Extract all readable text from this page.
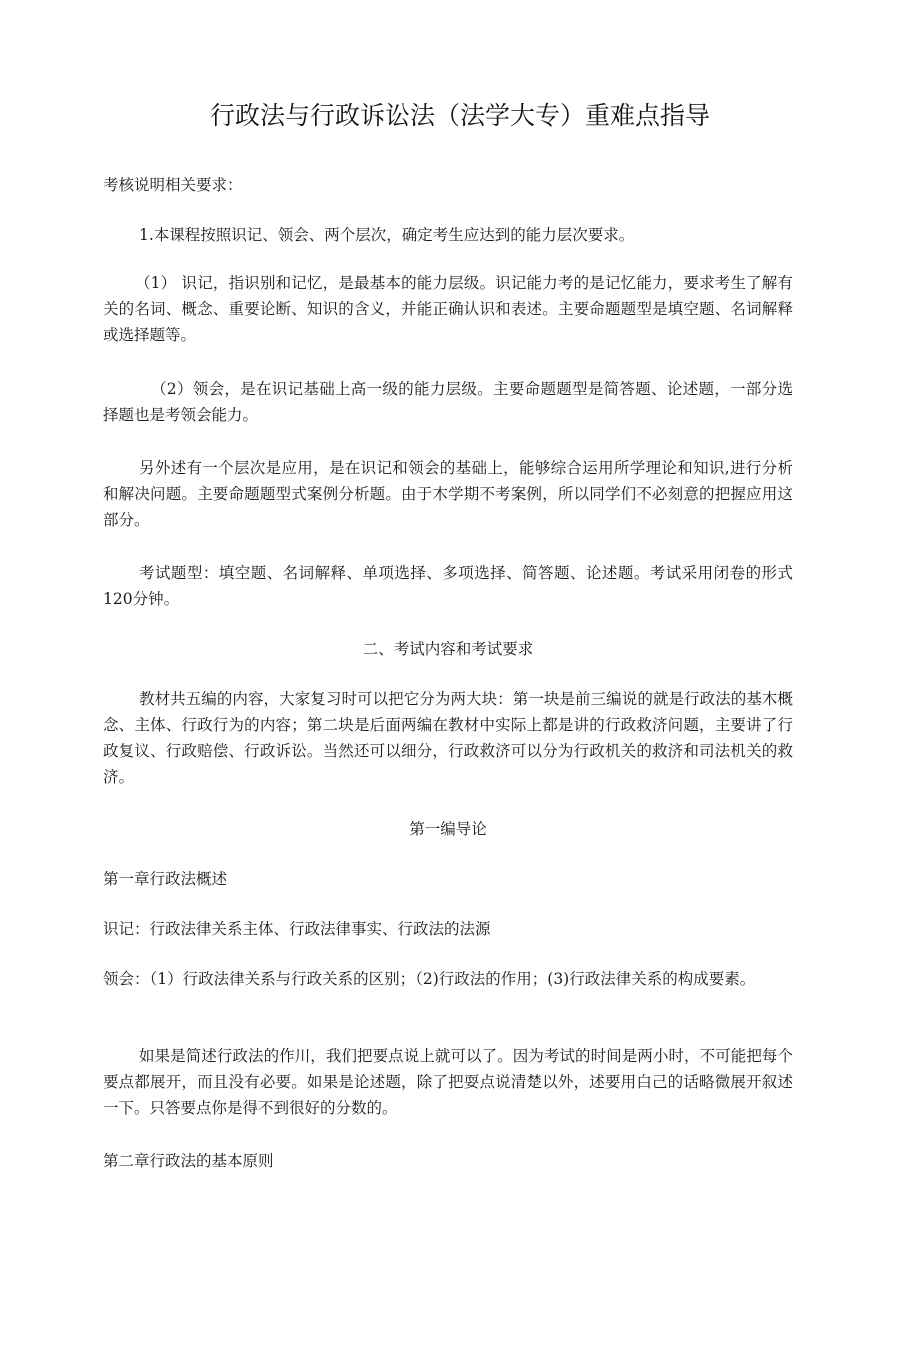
行政法与行政诉讼法（法学大专）重难点指导

考核说明相关要求：

1.本课程按照识记、领会、两个层次，确定考生应达到的能力层次要求。

（1） 识记，指识别和记忆，是最基本的能力层级。识记能力考的是记忆能力，要求考生了解有关的名词、概念、重要论断、知识的含义，并能正确认识和表述。主要命题题型是填空题、名词解释或选择题等。

（2）领会，是在识记基础上高一级的能力层级。主要命题题型是简答题、论述题，一部分选择题也是考领会能力。

另外述有一个层次是应用，是在识记和领会的基础上，能够综合运用所学理论和知识,进行分析和解决问题。主要命题题型式案例分析题。由于木学期不考案例，所以同学们不必刻意的把握应用这部分。

考试题型：填空题、名词解释、单项选择、多项选择、简答题、论述题。考试采用闭卷的形式120分钟。

二、考试内容和考试要求

教材共五编的内容，大家复习时可以把它分为两大块：第一块是前三编说的就是行政法的基木概念、主体、行政行为的内容；第二块是后面两编在教材中实际上都是讲的行政救济问题，主要讲了行政复议、行政赔偿、行政诉讼。当然还可以细分，行政救济可以分为行政机关的救济和司法机关的救济。

第一编导论

第一章行政法概述

识记：行政法律关系主体、行政法律事实、行政法的法源

领会：（1）行政法律关系与行政关系的区别；（2)行政法的作用；(3)行政法律关系的构成要素。

如果是简述行政法的作川，我们把要点说上就可以了。因为考试的时间是两小时，不可能把每个要点都展开，而且没有必要。如果是论述题，除了把耍点说清楚以外，述要用白己的话略微展开叙述一下。只答要点你是得不到很好的分数的。

第二章行政法的基本原则
